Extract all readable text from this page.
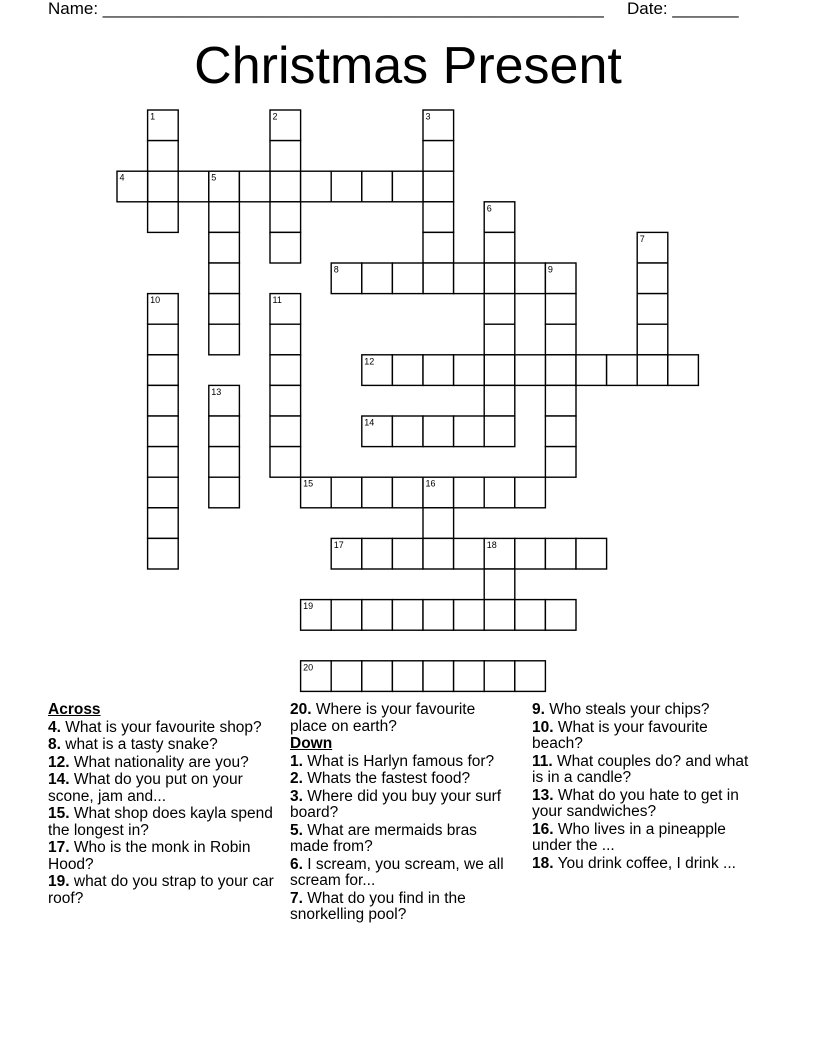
Name: _____________________________________________________ Date: _______
Christmas Present
1	2	3
4	5
6
7
8	9
10	11
12
13
14
15	16
17	18
19
20
Across
4. What is your favourite shop?
8. what is a tasty snake?
12. What nationality are you?
14. What do you put on your scone, jam and...
15. What shop does kayla spend the longest in?
17. Who is the monk in Robin Hood?
19. what do you strap to your car roof?
20. Where is your favourite place on earth?
Down
1. What is Harlyn famous for?
2. Whats the fastest food?
3. Where did you buy your surf board?
5. What are mermaids bras made from?
6. I scream, you scream, we all scream for...
7. What do you find in the snorkelling pool?
9. Who steals your chips?
10. What is your favourite beach?
11. What couples do? and what is in a candle?
13. What do you hate to get in your sandwiches?
16. Who lives in a pineapple under the ...
18. You drink coffee, I drink ...
